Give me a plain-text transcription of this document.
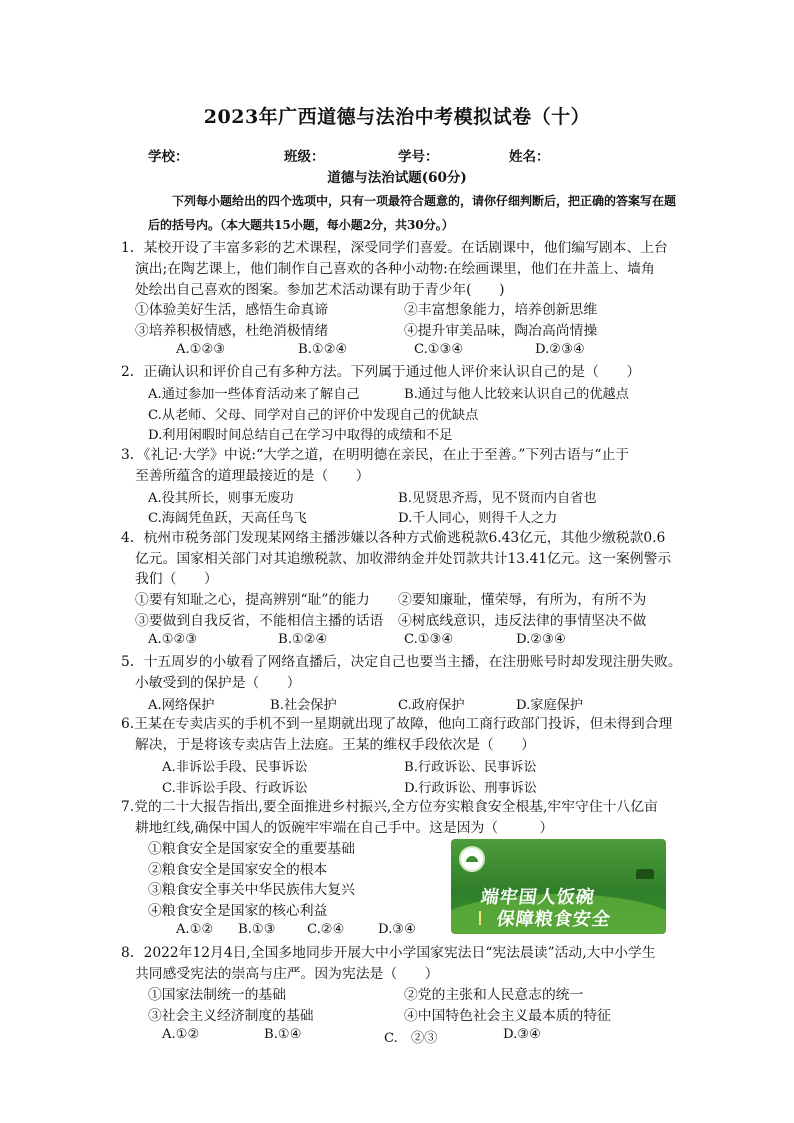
2023年广西道德与法治中考模拟试卷（十）
学校：	班级：	学号：	姓名：
道德与法治试题(60分)
下列每小题给出的四个选项中，只有一项最符合题意的，请你仔细判断后，把正确的答案写在题
后的括号内。（本大题共15小题，每小题2分，共30分。）
1．某校开设了丰富多彩的艺术课程，深受同学们喜爱。在话剧课中，他们编写剧本、上台
演出;在陶艺课上，他们制作自己喜欢的各种小动物:在绘画课里，他们在井盖上、墙角
处绘出自己喜欢的图案。参加艺术活动课有助于青少年(　　)
①体验美好生活，感悟生命真谛	②丰富想象能力，培养创新思维
③培养积极情感，杜绝消极情绪	④提升审美品味，陶冶高尚情操
A.①②③	B.①②④	C.①③④	D.②③④
2．正确认识和评价自己有多种方法。下列属于通过他人评价来认识自己的是（　　）
A.通过参加一些体育活动来了解自己	B.通过与他人比较来认识自己的优越点
C.从老师、父母、同学对自己的评价中发现自己的优缺点
D.利用闲暇时间总结自己在学习中取得的成绩和不足
3．《礼记·大学》中说:“大学之道，在明明德在亲民，在止于至善。”下列古语与“止于
至善所蕴含的道理最接近的是（　　）
A.役其所长，则事无废功	B.见贤思齐焉，见不贤而内自省也
C.海阔凭鱼跃，天高任鸟飞	D.千人同心，则得千人之力
4．杭州市税务部门发现某网络主播涉嫌以各种方式偷逃税款6.43亿元，其他少缴税款0.6
亿元。国家相关部门对其追缴税款、加收滞纳金并处罚款共计13.41亿元。这一案例警示
我们（　　）
①要有知耻之心，提高辨别“耻”的能力 ②要知廉耻，懂荣辱，有所为，有所不为
③要做到自我反省，不能相信主播的话语 ④树底线意识，违反法律的事情坚决不做
A.①②③	B.①②④	C.①③④	D.②③④
5．十五周岁的小敏看了网络直播后，决定自己也要当主播，在注册账号时却发现注册失败。
小敏受到的保护是（　　）
A.网络保护	B.社会保护	C.政府保护	D.家庭保护
6.王某在专卖店买的手机不到一星期就出现了故障，他向工商行政部门投诉，但未得到合理
解决，于是将该专卖店告上法庭。王某的维权手段依次是（　　）
A.非诉讼手段、民事诉讼	B.行政诉讼、民事诉讼
C.非诉讼手段、行政诉讼	D.行政诉讼、刑事诉讼
7.党的二十大报告指出,要全面推进乡村振兴,全方位夯实粮食安全根基,牢牢守住十八亿亩
耕地红线,确保中国人的饭碗牢牢端在自己手中。这是因为（　　　）
①粮食安全是国家安全的重要基础
②粮食安全是国家安全的根本
③粮食安全事关中华民族伟大复兴
④粮食安全是国家的核心利益
A.①② B.①③ C.②④	D.③④
端牢国人饭碗
保障粮食安全
8．2022年12月4日,全国多地同步开展大中小学国家宪法日“宪法晨读”活动,大中小学生
共同感受宪法的崇高与庄严。因为宪法是（　　）
①国家法制统一的基础	②党的主张和人民意志的统一
③社会主义经济制度的基础	④中国特色社会主义最本质的特征
A.①②	B.①④	C.　②③	D.③④
